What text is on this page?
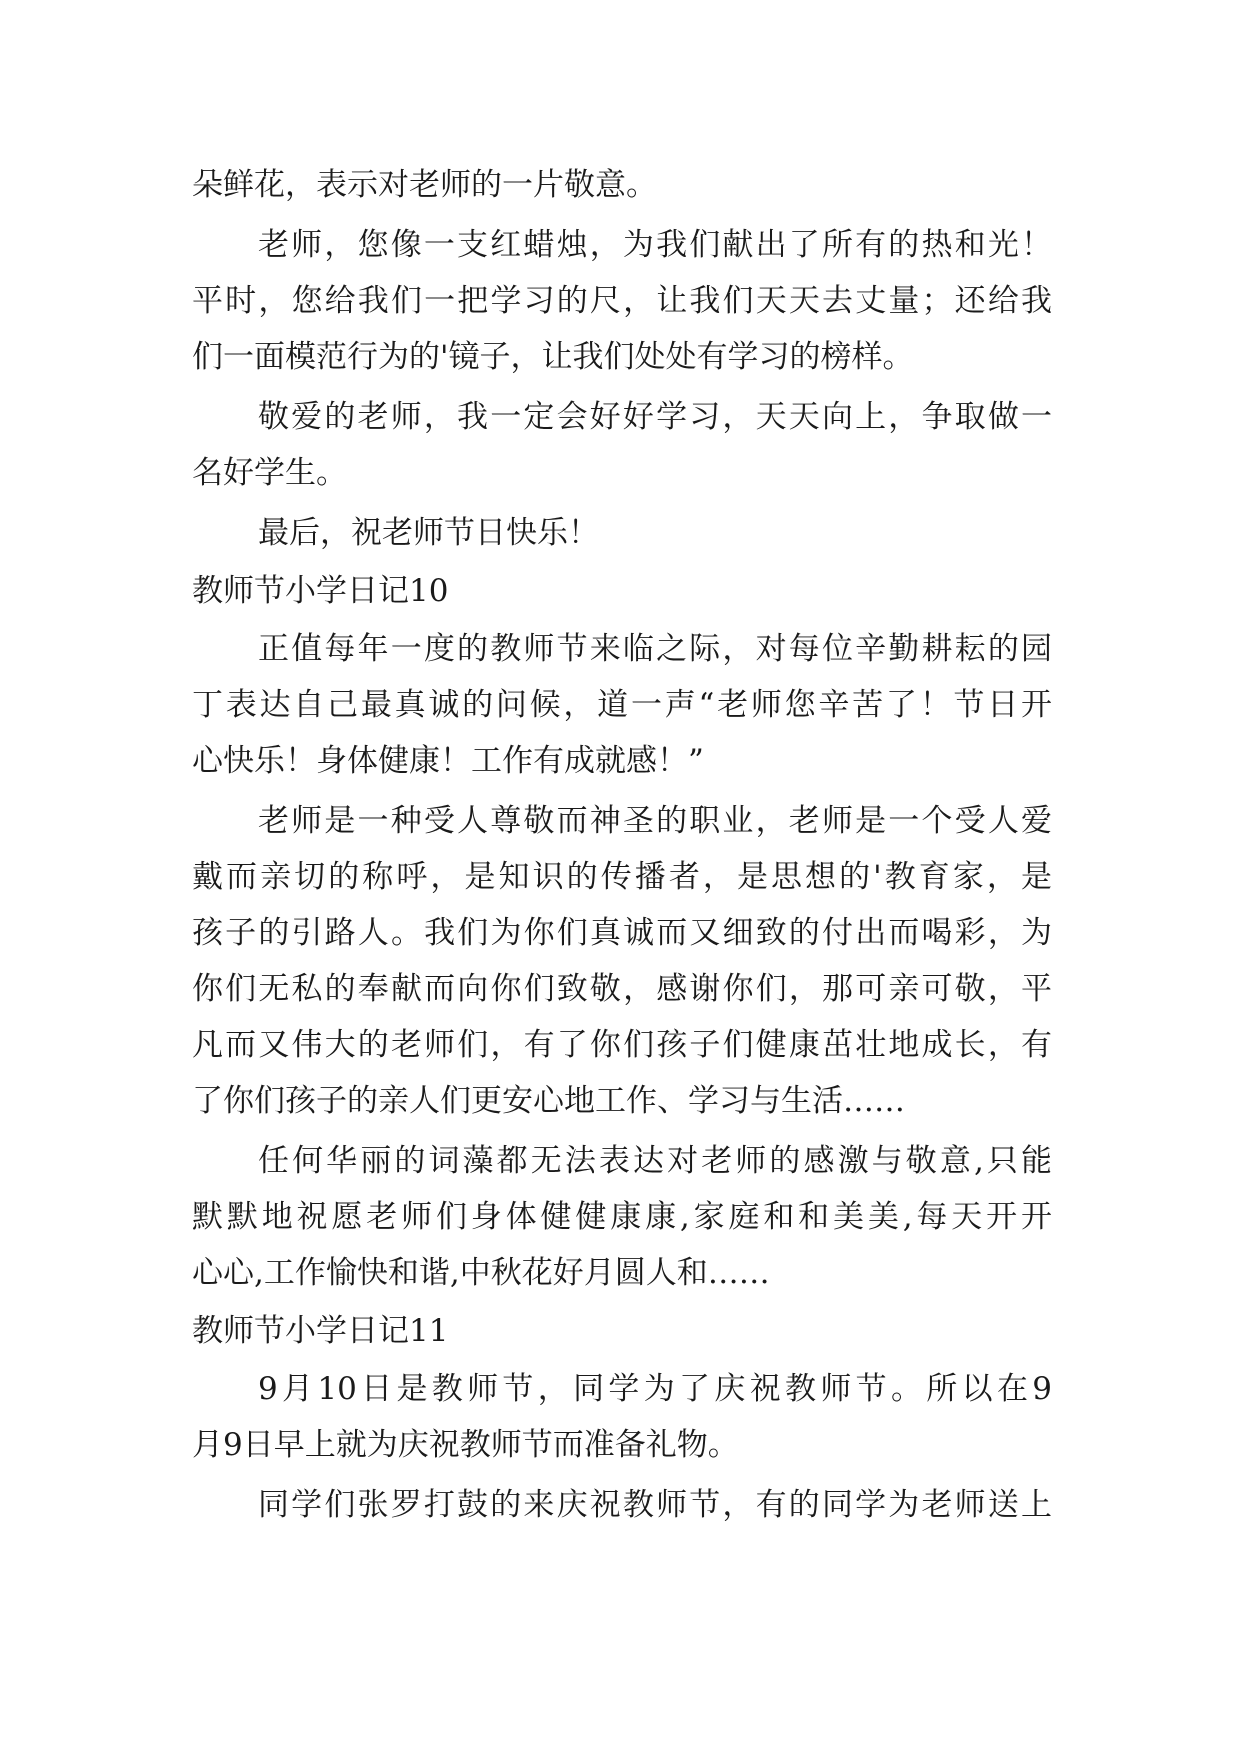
朵鲜花，表示对老师的一片敬意。
老师，您像一支红蜡烛，为我们献出了所有的热和光！
平时，您给我们一把学习的尺，让我们天天去丈量；还给我
们一面模范行为的'镜子，让我们处处有学习的榜样。
敬爱的老师，我一定会好好学习，天天向上，争取做一
名好学生。
最后，祝老师节日快乐！
教师节小学日记10
正值每年一度的教师节来临之际，对每位辛勤耕耘的园
丁表达自己最真诚的问候，道一声“老师您辛苦了！节日开
心快乐！身体健康！工作有成就感！”
老师是一种受人尊敬而神圣的职业，老师是一个受人爱
戴而亲切的称呼，是知识的传播者，是思想的'教育家，是
孩子的引路人。我们为你们真诚而又细致的付出而喝彩，为
你们无私的奉献而向你们致敬，感谢你们，那可亲可敬，平
凡而又伟大的老师们，有了你们孩子们健康茁壮地成长，有
了你们孩子的亲人们更安心地工作、学习与生活……
任何华丽的词藻都无法表达对老师的感激与敬意,只能
默默地祝愿老师们身体健健康康,家庭和和美美,每天开开
心心,工作愉快和谐,中秋花好月圆人和……
教师节小学日记11
9月10日是教师节，同学为了庆祝教师节。所以在9
月9日早上就为庆祝教师节而准备礼物。
同学们张罗打鼓的来庆祝教师节，有的同学为老师送上
